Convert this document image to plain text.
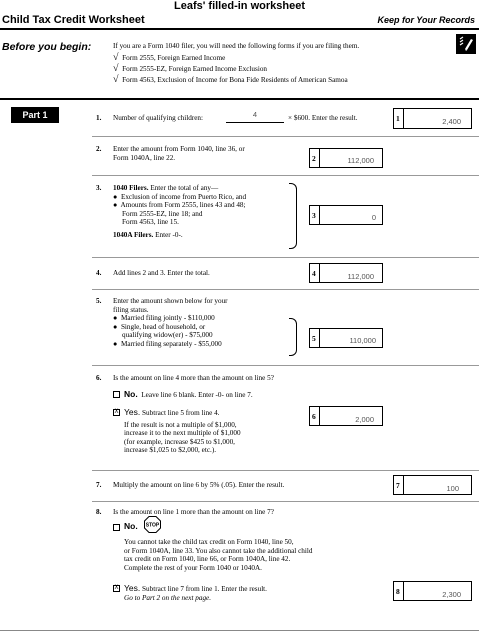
Leafs' filled-in worksheet
Child Tax Credit Worksheet	Keep for Your Records
Before you begin:	If you are a Form 1040 filer, you will need the following forms if you are filing them.
√ Form 2555, Foreign Earned Income
√ Form 2555-EZ, Foreign Earned Income Exclusion
√ Form 4563, Exclusion of Income for Bona Fide Residents of American Samoa
Part 1	1. Number of qualifying children:	4	× $600. Enter the result.	1	2,400
2. Enter the amount from Form 1040, line 36, or
Form 1040A, line 22.	2	112,000
3. 1040 Filers. Enter the total of any—
●  Exclusion of income from Puerto Rico, and
●  Amounts from Form 2555, lines 43 and 48;
Form 2555-EZ, line 18; and
Form 4563, line 15.
1040A Filers. Enter -0-.
3	0
4. Add lines 2 and 3. Enter the total.	4	112,000
5. Enter the amount shown below for your
filing status.
●  Married filing jointly - $110,000
●  Single, head of household, or
qualifying widow(er) - $75,000
●  Married filing separately - $55,000
5	110,000
6. Is the amount on line 4 more than the amount on line 5?
No. Leave line 6 blank. Enter -0- on line 7.
X Yes. Subtract line 5 from line 4.
If the result is not a multiple of $1,000,
increase it to the next multiple of $1,000
(for example, increase $425 to $1,000,
increase $1,025 to $2,000, etc.).
6	2,000
7. Multiply the amount on line 6 by 5% (.05). Enter the result.	7	100
8. Is the amount on line 1 more than the amount on line 7?
No. STOP
You cannot take the child tax credit on Form 1040, line 50,
or Form 1040A, line 33. You also cannot take the additional child
tax credit on Form 1040, line 66, or Form 1040A, line 42.
Complete the rest of your Form 1040 or 1040A.
X Yes. Subtract line 7 from line 1. Enter the result.
Go to Part 2 on the next page.
8	2,300
